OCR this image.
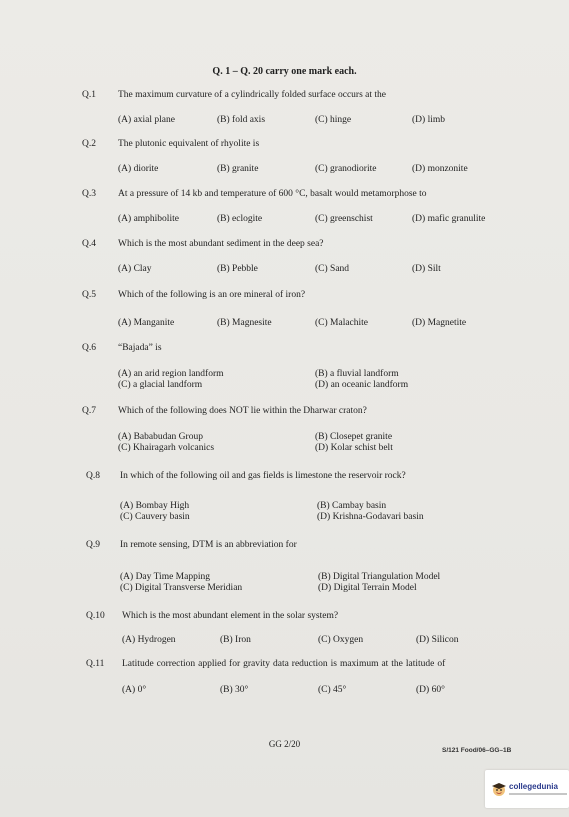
Q. 1 – Q. 20 carry one mark each.
Q.1 The maximum curvature of a cylindrically folded surface occurs at the
(A) axial plane	(B) fold axis	(C) hinge	(D) limb
Q.2 The plutonic equivalent of rhyolite is
(A) diorite	(B) granite	(C) granodiorite	(D) monzonite
Q.3 At a pressure of 14 kb and temperature of 600 °C, basalt would metamorphose to
(A) amphibolite	(B) eclogite	(C) greenschist	(D) mafic granulite
Q.4 Which is the most abundant sediment in the deep sea?
(A) Clay	(B) Pebble	(C) Sand	(D) Silt
Q.5 Which of the following is an ore mineral of iron?
(A) Manganite	(B) Magnesite	(C) Malachite	(D) Magnetite
Q.6 “Bajada” is
(A) an arid region landform	(B) a fluvial landform
(C) a glacial landform	(D) an oceanic landform
Q.7 Which of the following does NOT lie within the Dharwar craton?
(A) Bababudan Group	(B) Closepet granite
(C) Khairagarh volcanics	(D) Kolar schist belt
Q.8 In which of the following oil and gas fields is limestone the reservoir rock?
(A) Bombay High	(B) Cambay basin
(C) Cauvery basin	(D) Krishna-Godavari basin
Q.9 In remote sensing, DTM is an abbreviation for
(A) Day Time Mapping	(B) Digital Triangulation Model
(C) Digital Transverse Meridian	(D) Digital Terrain Model
Q.10 Which is the most abundant element in the solar system?
(A) Hydrogen	(B) Iron	(C) Oxygen	(D) Silicon
Q.11 Latitude correction applied for gravity data reduction is maximum at the latitude of
(A) 0°	(B) 30°	(C) 45°	(D) 60°
GG 2/20
S/121 Food/06–GG–1B
collegedunia
